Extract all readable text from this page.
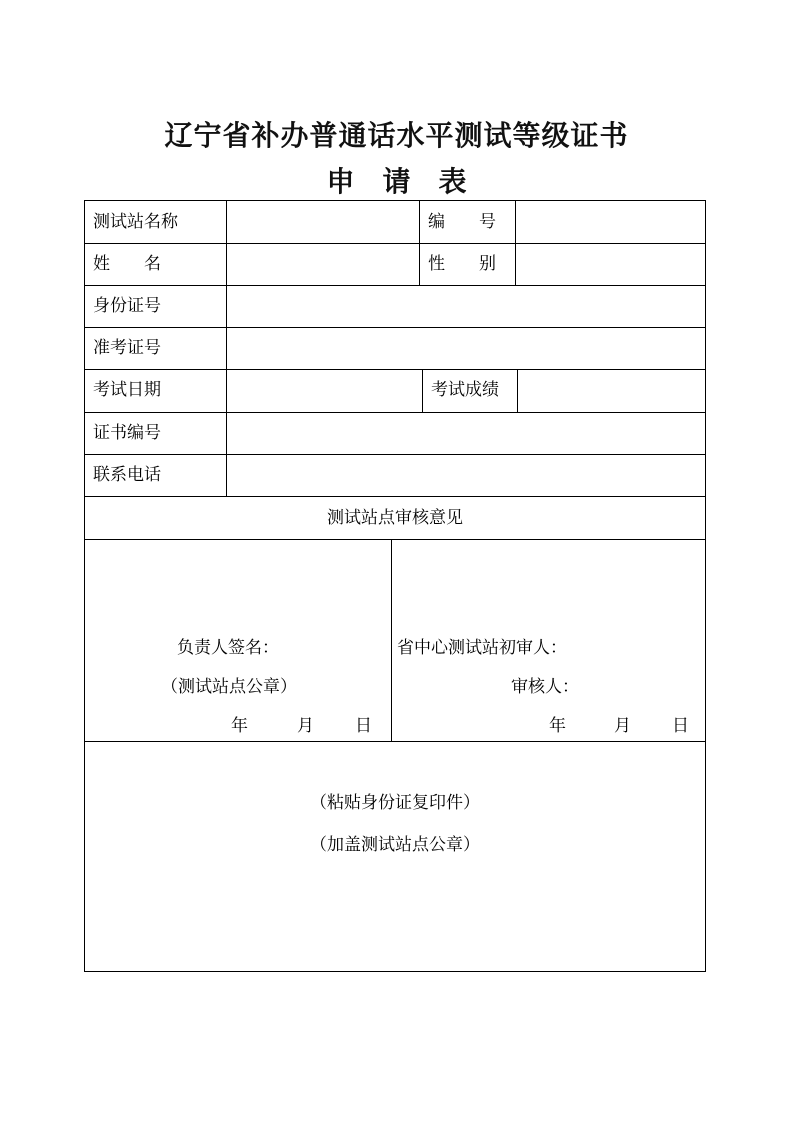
辽宁省补办普通话水平测试等级证书
申　请　表
测试站名称	编　　号
姓　　名	性　　别
身份证号
准考证号
考试日期	考试成绩
证书编号
联系电话
测试站点审核意见
负责人签名：
（测试站点公章）
年	月 日
省中心测试站初审人：
审核人：
年	月 日
（粘贴身份证复印件）
（加盖测试站点公章）
